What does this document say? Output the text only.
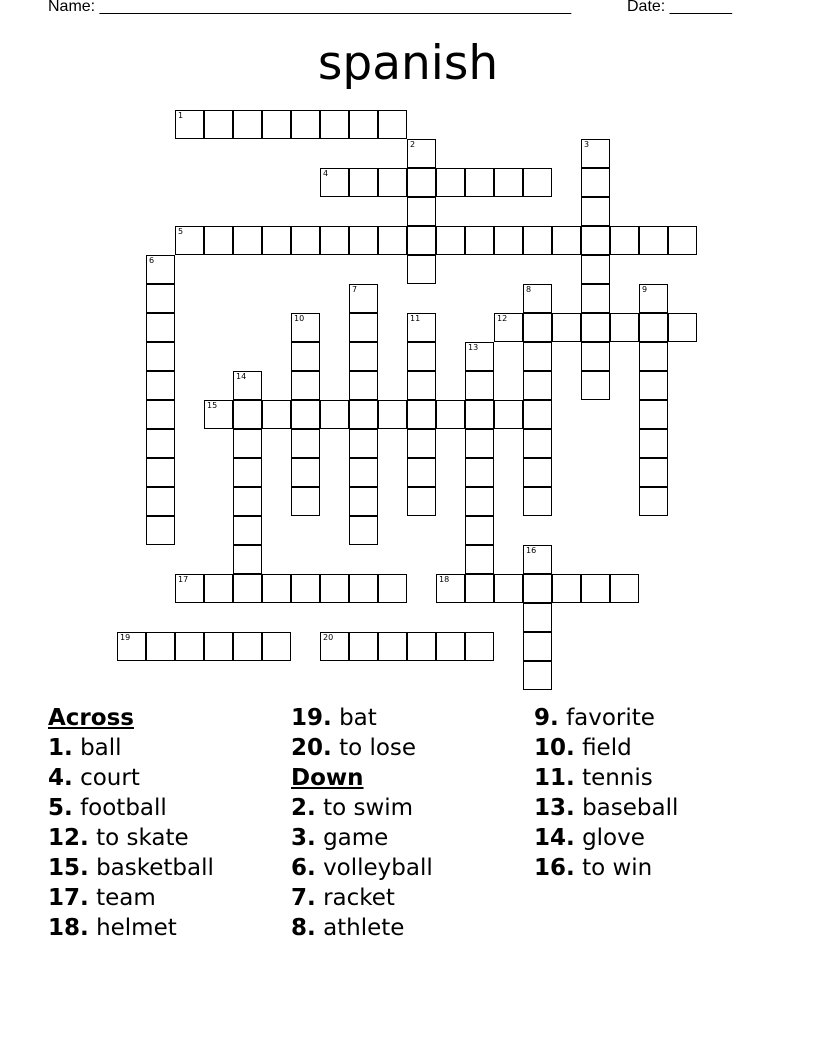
Name: _____________________________________________________	Date: _______
spanish
1
2	3
4
5
6
7	8	9
10	11	12
13
14
15
16
17	18
19	20
Across
1. ball
4. court
5. football
12. to skate
15. basketball
17. team
18. helmet
19. bat
20. to lose
Down
2. to swim
3. game
6. volleyball
7. racket
8. athlete
9. favorite
10. field
11. tennis
13. baseball
14. glove
16. to win
